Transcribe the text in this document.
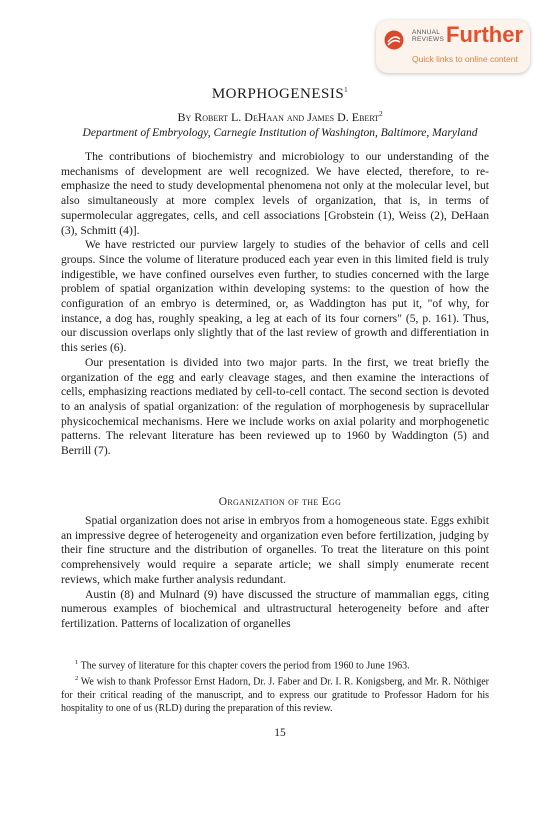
ANNUAL
REVIEWS Further
Quick links to online content
MORPHOGENESIS$^1$
By Robert L. DeHaan and James D. Ebert$^2$
Department of Embryology, Carnegie Institution of Washington, Baltimore, Maryland

The contributions of biochemistry and microbiology to our understanding of the mechanisms of development are well recognized. We have elected, therefore, to re-emphasize the need to study developmental phenomena not only at the molecular level, but also simultaneously at more complex levels of organization, that is, in terms of supermolecular aggregates, cells, and cell associations [Grobstein (1), Weiss (2), DeHaan (3), Schmitt (4)].

We have restricted our purview largely to studies of the behavior of cells and cell groups. Since the volume of literature produced each year even in this limited field is truly indigestible, we have confined ourselves even further, to studies concerned with the large problem of spatial organization within developing systems: to the question of how the configuration of an embryo is determined, or, as Waddington has put it, "of why, for instance, a dog has, roughly speaking, a leg at each of its four corners" (5, p. 161). Thus, our discussion overlaps only slightly that of the last review of growth and differentiation in this series (6).

Our presentation is divided into two major parts. In the first, we treat briefly the organization of the egg and early cleavage stages, and then examine the interactions of cells, emphasizing reactions mediated by cell-to-cell contact. The second section is devoted to an analysis of spatial organization: of the regulation of morphogenesis by supracellular physicochemical mechanisms. Here we include works on axial polarity and morphogenetic patterns. The relevant literature has been reviewed up to 1960 by Waddington (5) and Berrill (7).

Organization of the Egg

Spatial organization does not arise in embryos from a homogeneous state. Eggs exhibit an impressive degree of heterogeneity and organization even before fertilization, judging by their fine structure and the distribution of organelles. To treat the literature on this point comprehensively would require a separate article; we shall simply enumerate recent reviews, which make further analysis redundant.

Austin (8) and Mulnard (9) have discussed the structure of mammalian eggs, citing numerous examples of biochemical and ultrastructural heterogeneity before and after fertilization. Patterns of localization of organelles

$^1$ The survey of literature for this chapter covers the period from 1960 to June 1963.

$^2$ We wish to thank Professor Ernst Hadorn, Dr. J. Faber and Dr. I. R. Konigsberg, and Mr. R. Nöthiger for their critical reading of the manuscript, and to express our gratitude to Professor Hadorn for his hospitality to one of us (RLD) during the preparation of this review.

15
